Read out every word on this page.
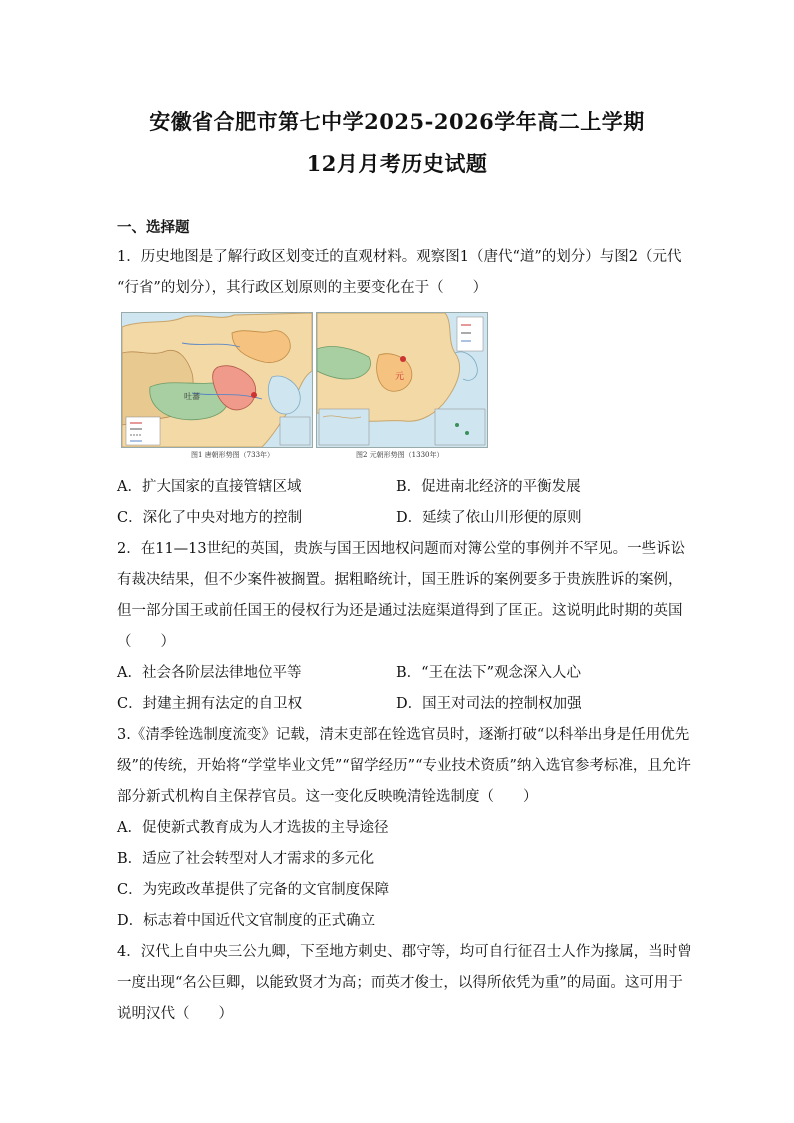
安徽省合肥市第七中学2025-2026学年高二上学期
12月月考历史试题
一、选择题
1．历史地图是了解行政区划变迁的直观材料。观察图1（唐代“道”的划分）与图2（元代
“行省”的划分），其行政区划原则的主要变化在于（　　）
吐蕃
元
图1 唐朝形势图（733年）	图2 元朝形势图（1330年）
A．扩大国家的直接管辖区域	B．促进南北经济的平衡发展
C．深化了中央对地方的控制	D．延续了依山川形便的原则
2．在11—13世纪的英国，贵族与国王因地权问题而对簿公堂的事例并不罕见。一些诉讼
有裁决结果，但不少案件被搁置。据粗略统计，国王胜诉的案例要多于贵族胜诉的案例，
但一部分国王或前任国王的侵权行为还是通过法庭渠道得到了匡正。这说明此时期的英国
（　　）
A．社会各阶层法律地位平等	B．“王在法下”观念深入人心
C．封建主拥有法定的自卫权	D．国王对司法的控制权加强
3.《清季铨选制度流变》记载，清末吏部在铨选官员时，逐渐打破“以科举出身是任用优先
级”的传统，开始将“学堂毕业文凭”“留学经历”“专业技术资质”纳入选官参考标准，且允许
部分新式机构自主保荐官员。这一变化反映晚清铨选制度（　　）
A．促使新式教育成为人才选拔的主导途径
B．适应了社会转型对人才需求的多元化
C．为宪政改革提供了完备的文官制度保障
D．标志着中国近代文官制度的正式确立
4．汉代上自中央三公九卿，下至地方刺史、郡守等，均可自行征召士人作为掾属，当时曾
一度出现“名公巨卿，以能致贤才为高；而英才俊士，以得所依凭为重”的局面。这可用于
说明汉代（　　）
